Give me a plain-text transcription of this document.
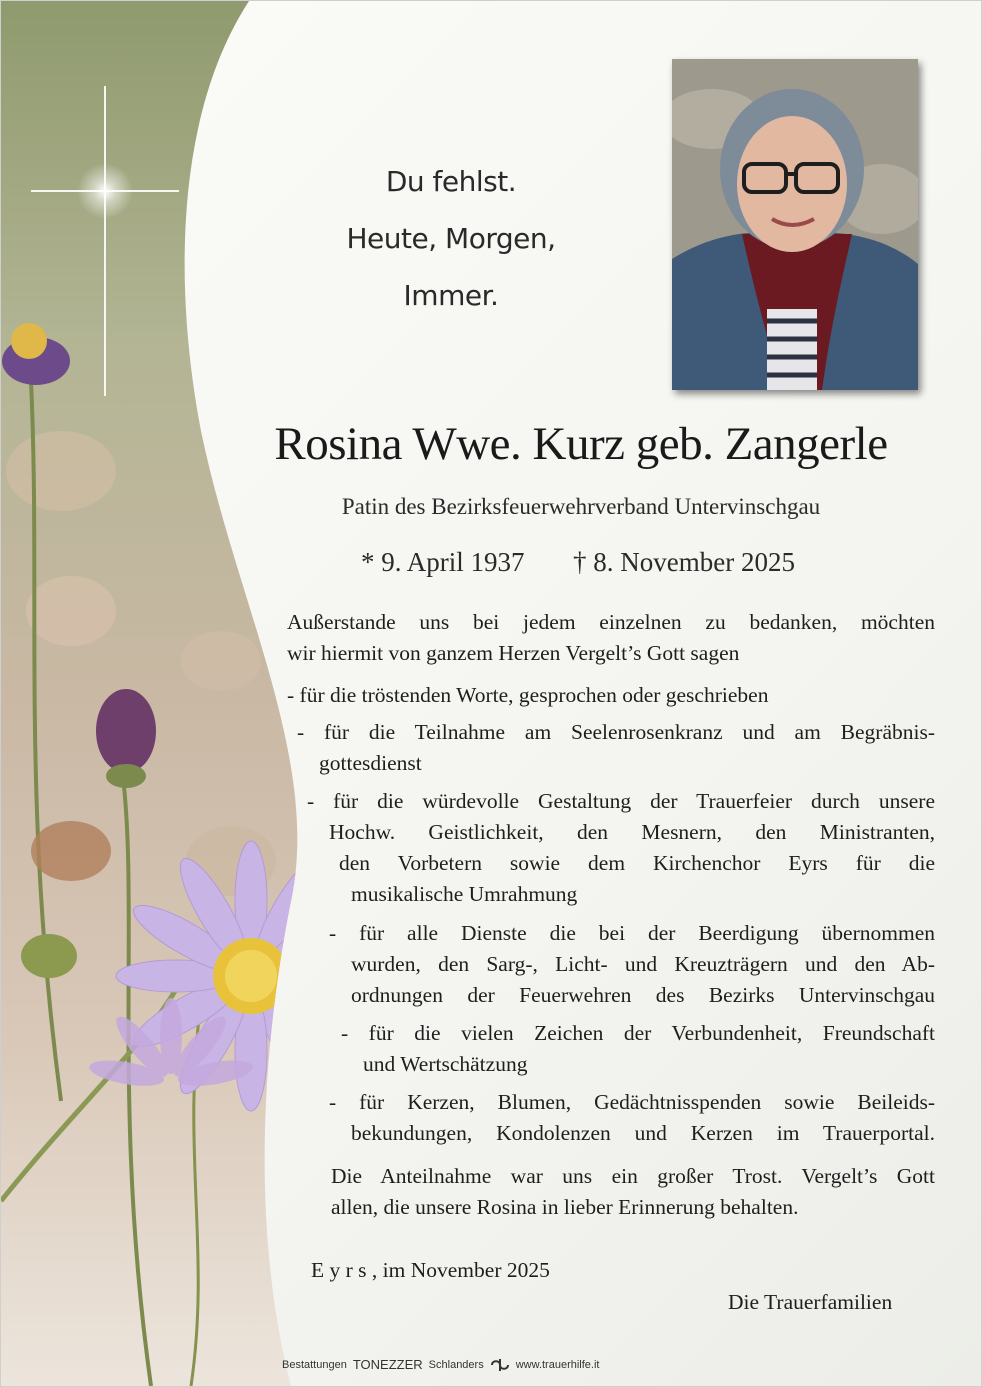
Du fehlst.
Heute, Morgen,
Immer.
Rosina Wwe. Kurz geb. Zangerle
Patin des Bezirksfeuerwehrverband Untervinschgau
* 9. April 1937 † 8. November 2025
Außerstande uns bei jedem einzelnen zu bedanken, möchten
wir hiermit von ganzem Herzen Vergelt’s Gott sagen
- für die tröstenden Worte, gesprochen oder geschrieben
- für die Teilnahme am Seelenrosenkranz und am Begräbnis-
gottesdienst
- für die würdevolle Gestaltung der Trauerfeier durch unsere
Hochw. Geistlichkeit, den Mesnern, den Ministranten,
den Vorbetern sowie dem Kirchenchor Eyrs für die
musikalische Umrahmung
- für alle Dienste die bei der Beerdigung übernommen
wurden, den Sarg-, Licht- und Kreuzträgern und den Ab-
ordnungen der Feuerwehren des Bezirks Untervinschgau
- für die vielen Zeichen der Verbundenheit, Freundschaft
und Wertschätzung
- für Kerzen, Blumen, Gedächtnisspenden sowie Beileids-
bekundungen, Kondolenzen und Kerzen im Trauerportal.
Die Anteilnahme war uns ein großer Trost. Vergelt’s Gott
allen, die unsere Rosina in lieber Erinnerung behalten.
E y r s , im November 2025
Die Trauerfamilien
Bestattungen TONEZZER Schlanders	www.trauerhilfe.it
